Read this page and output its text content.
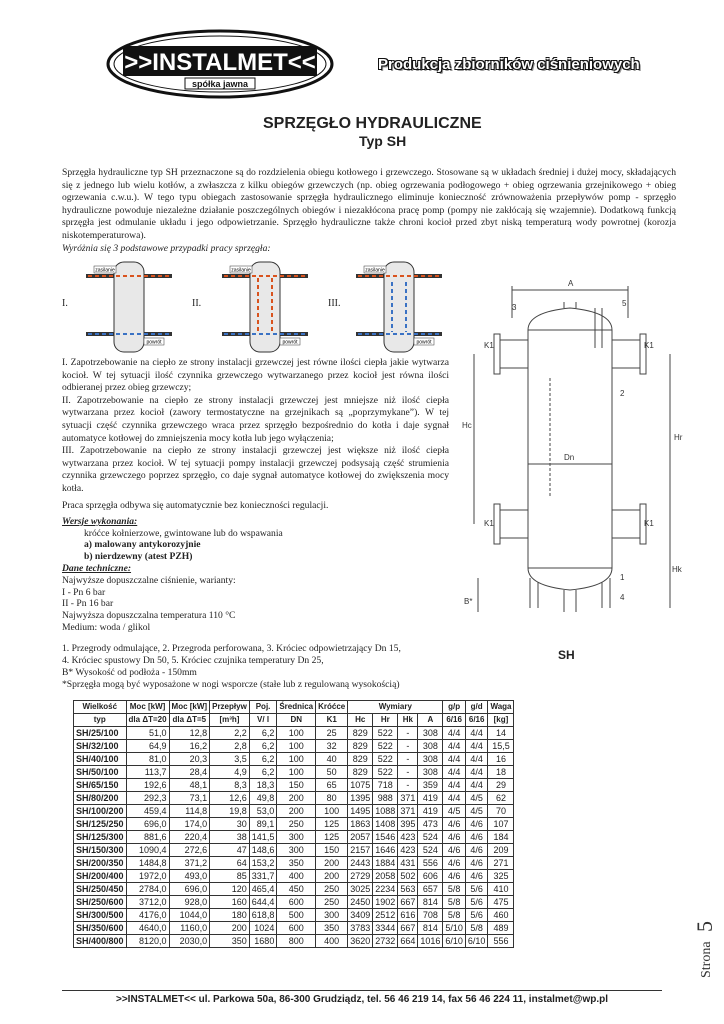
>>INSTALMET<<
spółka jawna
Produkcja zbiorników ciśnieniowych
SPRZĘGŁO HYDRAULICZNE
Typ SH

Sprzęgła hydrauliczne typ SH przeznaczone są do rozdzielenia obiegu kotłowego i grzewczego. Stosowane są w układach średniej i dużej mocy, składających się z jednego lub wielu kotłów, a zwłaszcza z kilku obiegów grzewczych (np. obieg ogrzewania podłogowego + obieg ogrzewania grzejnikowego + obieg ogrzewania c.w.u.). W tego typu obiegach zastosowanie sprzęgła hydraulicznego eliminuje konieczność zrównoważenia przepływów pomp - sprzęgło hydrauliczne powoduje niezależne działanie poszczególnych obiegów i niezakłócona pracę pomp (pompy nie zakłócają się wzajemnie). Dodatkową funkcją sprzęgła jest odmulanie układu i jego odpowietrzanie. Sprzęgło hydrauliczne także chroni kocioł przed zbyt niską temperaturą wody powrotnej (korozja niskotemperaturowa).

Wyróżnia się 3 podstawowe przypadki pracy sprzęgła:

I.	II.	III.
zasilanie
powrót
zasilanie
powrót
zasilanie
powrót

I. Zapotrzebowanie na ciepło ze strony instalacji grzewczej jest równe ilości ciepła jakie wytwarza kocioł. W tej sytuacji ilość czynnika grzewczego wytwarzanego przez kocioł jest równa ilości odbieranej przez obieg grzewczy;

II. Zapotrzebowanie na ciepło ze strony instalacji grzewczej jest mniejsze niż ilość ciepła wytwarzana przez kocioł (zawory termostatyczne na grzejnikach są „poprzymykane”). W tej sytuacji część czynnika grzewczego wraca przez sprzęgło bezpośrednio do kotła i daje sygnał automatyce kotłowej do zmniejszenia mocy kotła lub jego wyłączenia;

III. Zapotrzebowanie na ciepło ze strony instalacji grzewczej jest większe niż ilość ciepła wytwarzana przez kocioł. W tej sytuacji pompy instalacji grzewczej podsysają część strumienia czynnika grzewczego poprzez sprzęgło, co daje sygnał automatyce kotłowej do zwiększenia mocy kotła.

Praca sprzęgła odbywa się automatycznie bez konieczności regulacji.
Wersje wykonania:
króćce kołnierzowe, gwintowane lub do wspawania
a) malowany antykorozyjnie
b) nierdzewny (atest PZH)
Dane techniczne:
Najwyższe dopuszczalne ciśnienie, warianty:
I - Pn 6 bar
II - Pn 16 bar
Najwyższa dopuszczalna temperatura 110 °C
Medium: woda / glikol
1. Przegrody odmulające, 2. Przegroda perforowana, 3. Króciec odpowietrzający Dn 15,
4. Króciec spustowy Dn 50, 5. Króciec czujnika temperatury Dn 25,
B* Wysokość od podłoża - 150mm
*Sprzęgła mogą być wyposażone w nogi wsporcze (stałe lub z regulowaną wysokością)
A
3	5
K1	K1
2
Hc
Hr
Dn
K1	K1
Hk
1
4
B*
SH
Wielkość	Moc [kW]	Moc [kW]	Przepływ	Poj.	Średnica	Króćce	Wymiary				g/p	g/d	Waga
typ	dla ΔT=20	dla ΔT=5	[m³h]	V/ l	DN	K1	Hc	Hr	Hk	A	6/16	6/16	[kg]
SH/25/100	51,0	12,8	2,2	6,2	100	25	829	522	-	308	4/4	4/4	14
SH/32/100	64,9	16,2	2,8	6,2	100	32	829	522	-	308	4/4	4/4	15,5
SH/40/100	81,0	20,3	3,5	6,2	100	40	829	522	-	308	4/4	4/4	16
SH/50/100	113,7	28,4	4,9	6,2	100	50	829	522	-	308	4/4	4/4	18
SH/65/150	192,6	48,1	8,3	18,3	150	65	1075	718	-	359	4/4	4/4	29
SH/80/200	292,3	73,1	12,6	49,8	200	80	1395	988	371	419	4/4	4/5	62
SH/100/200	459,4	114,8	19,8	53,0	200	100	1495	1088	371	419	4/5	4/5	70
SH/125/250	696,0	174,0	30	89,1	250	125	1863	1408	395	473	4/6	4/6	107
SH/125/300	881,6	220,4	38	141,5	300	125	2057	1546	423	524	4/6	4/6	184
SH/150/300	1090,4	272,6	47	148,6	300	150	2157	1646	423	524	4/6	4/6	209
SH/200/350	1484,8	371,2	64	153,2	350	200	2443	1884	431	556	4/6	4/6	271
SH/200/400	1972,0	493,0	85	331,7	400	200	2729	2058	502	606	4/6	4/6	325
SH/250/450	2784,0	696,0	120	465,4	450	250	3025	2234	563	657	5/8	5/6	410
SH/250/600	3712,0	928,0	160	644,4	600	250	2450	1902	667	814	5/8	5/6	475
SH/300/500	4176,0	1044,0	180	618,8	500	300	3409	2512	616	708	5/8	5/6	460
SH/350/600	4640,0	1160,0	200	1024	600	350	3783	3344	667	814	5/10	5/8	489
SH/400/800	8120,0	2030,0	350	1680	800	400	3620	2732	664	1016	6/10	6/10	556
Strona
5
>>INSTALMET<< ul. Parkowa 50a, 86-300 Grudziądz, tel. 56 46 219 14, fax 56 46 224 11, instalmet@wp.pl
